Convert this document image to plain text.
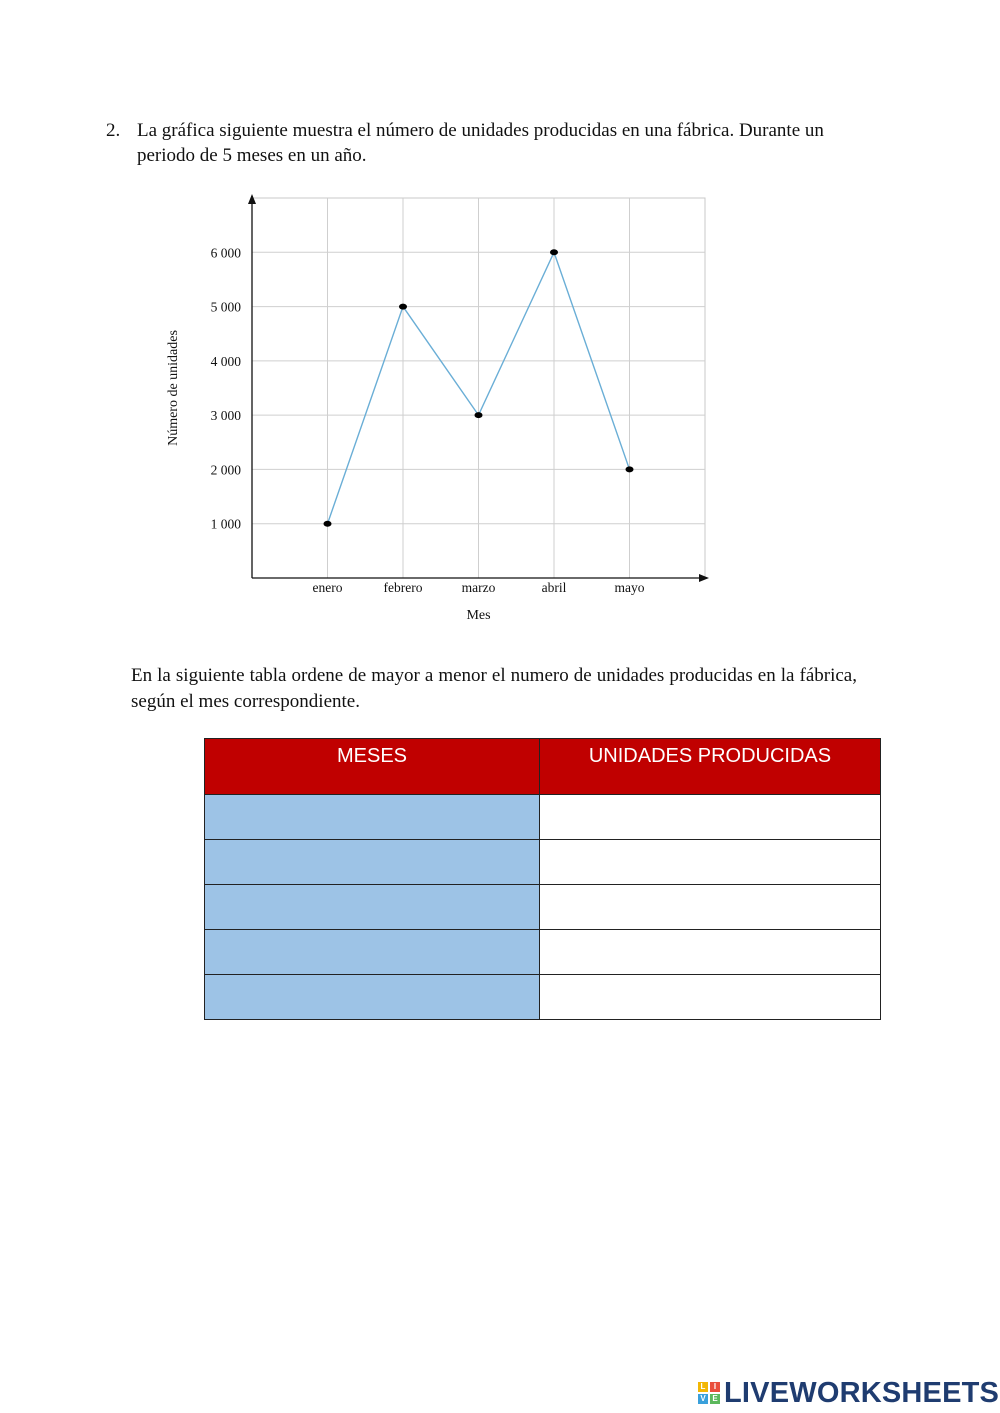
2. La gráfica siguiente muestra el número de unidades producidas en una fábrica. Durante un periodo de 5 meses en un año.
1 000
2 000
3 000
4 000
5 000
6 000
enero	febrero	marzo	abril	mayo
Mes
Número de unidades
En la siguiente tabla ordene de mayor a menor el numero de unidades producidas en la fábrica, según el mes correspondiente.
MESES	UNIDADES PRODUCIDAS

L	I
V E LIVEWORKSHEETS
